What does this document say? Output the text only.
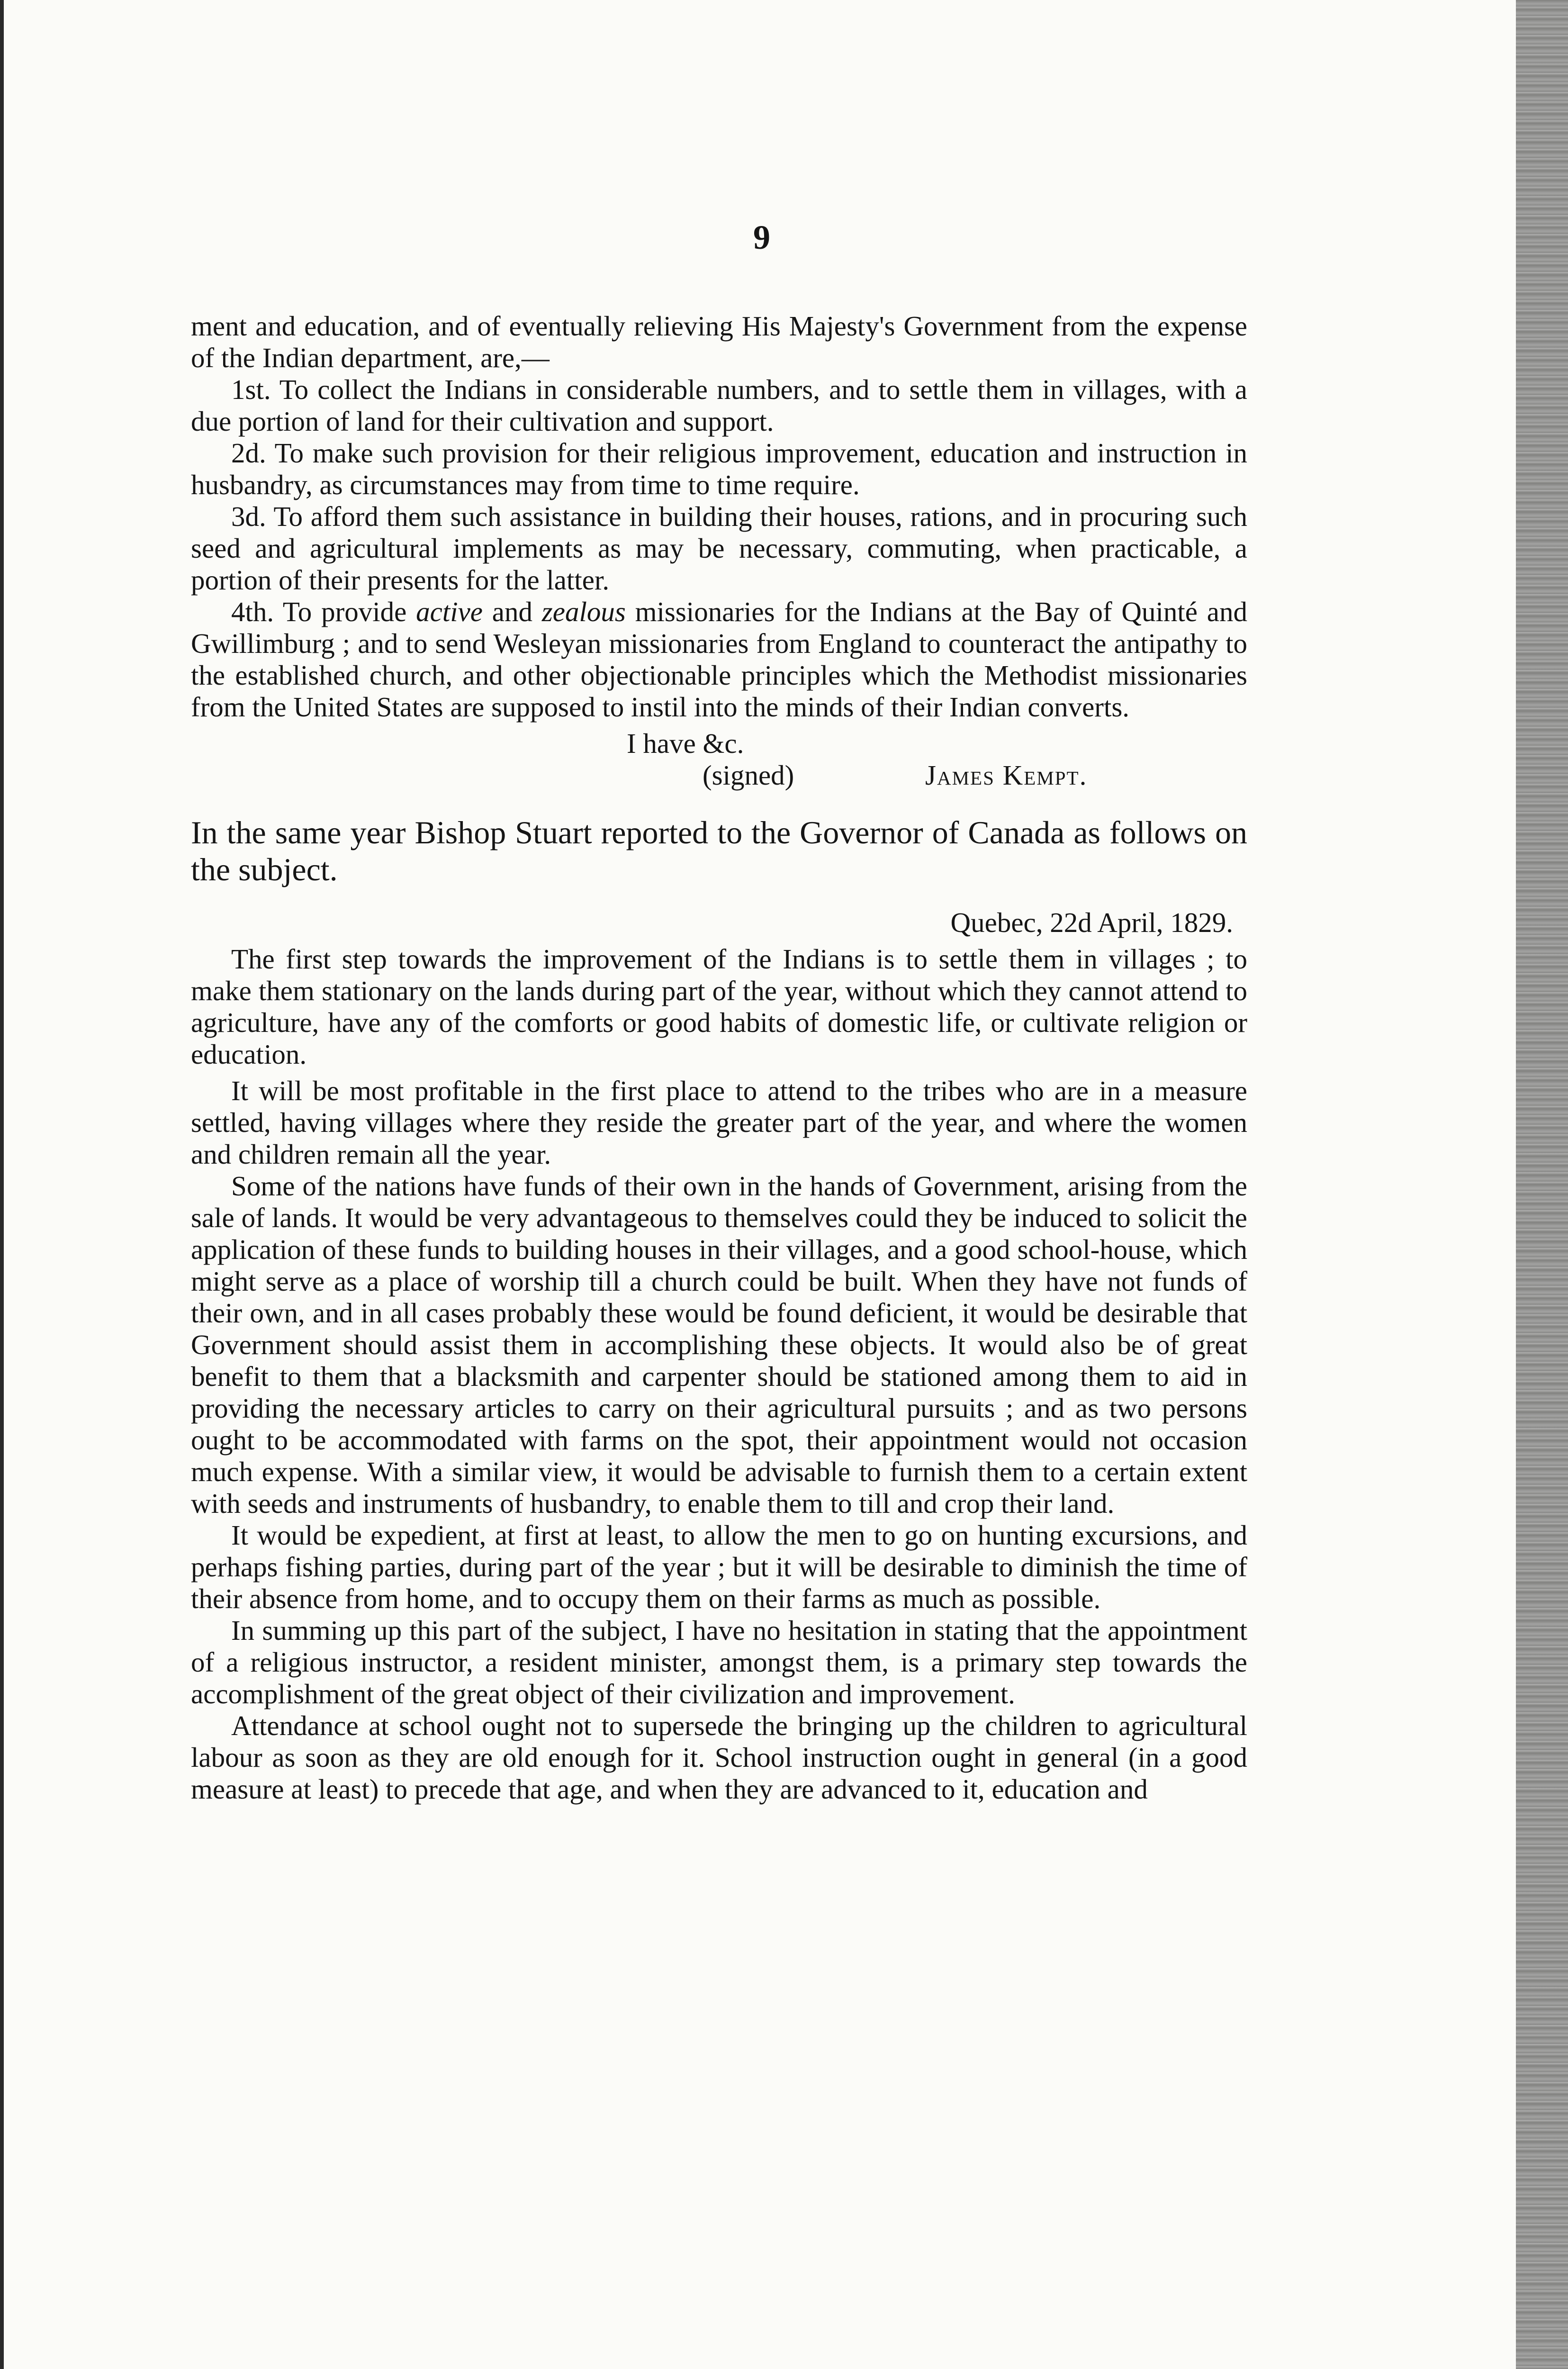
9

ment and education, and of eventually relieving His Majesty's Government from the expense of the Indian department, are,—

1st. To collect the Indians in considerable numbers, and to settle them in villages, with a due portion of land for their cultivation and support.

2d. To make such provision for their religious improvement, education and instruction in husbandry, as circumstances may from time to time require.

3d. To afford them such assistance in building their houses, rations, and in procuring such seed and agricultural implements as may be necessary, commuting, when practicable, a portion of their presents for the latter.

4th. To provide active and zealous missionaries for the Indians at the Bay of Quinté and Gwillimburg ; and to send Wesleyan missionaries from England to counteract the antipathy to the established church, and other objectionable principles which the Methodist missionaries from the United States are supposed to instil into the minds of their Indian converts.

I have &c.

(signed)	James Kempt.

In the same year Bishop Stuart reported to the Governor of Canada as follows on the subject.

Quebec, 22d April, 1829.

The first step towards the improvement of the Indians is to settle them in villages ; to make them stationary on the lands during part of the year, without which they cannot attend to agriculture, have any of the comforts or good habits of domestic life, or cultivate religion or education.

It will be most profitable in the first place to attend to the tribes who are in a measure settled, having villages where they reside the greater part of the year, and where the women and children remain all the year.

Some of the nations have funds of their own in the hands of Government, arising from the sale of lands. It would be very advantageous to themselves could they be induced to solicit the application of these funds to building houses in their villages, and a good school-house, which might serve as a place of worship till a church could be built. When they have not funds of their own, and in all cases probably these would be found deficient, it would be desirable that Government should assist them in accomplishing these objects. It would also be of great benefit to them that a blacksmith and carpenter should be stationed among them to aid in providing the necessary articles to carry on their agricultural pursuits ; and as two persons ought to be accommodated with farms on the spot, their appointment would not occasion much expense. With a similar view, it would be advisable to furnish them to a certain extent with seeds and instruments of husbandry, to enable them to till and crop their land.

It would be expedient, at first at least, to allow the men to go on hunting excursions, and perhaps fishing parties, during part of the year ; but it will be desirable to diminish the time of their absence from home, and to occupy them on their farms as much as possible.

In summing up this part of the subject, I have no hesitation in stating that the appointment of a religious instructor, a resident minister, amongst them, is a primary step towards the accomplishment of the great object of their civilization and improvement.

Attendance at school ought not to supersede the bringing up the children to agricultural labour as soon as they are old enough for it. School instruction ought in general (in a good measure at least) to precede that age, and when they are advanced to it, education and
